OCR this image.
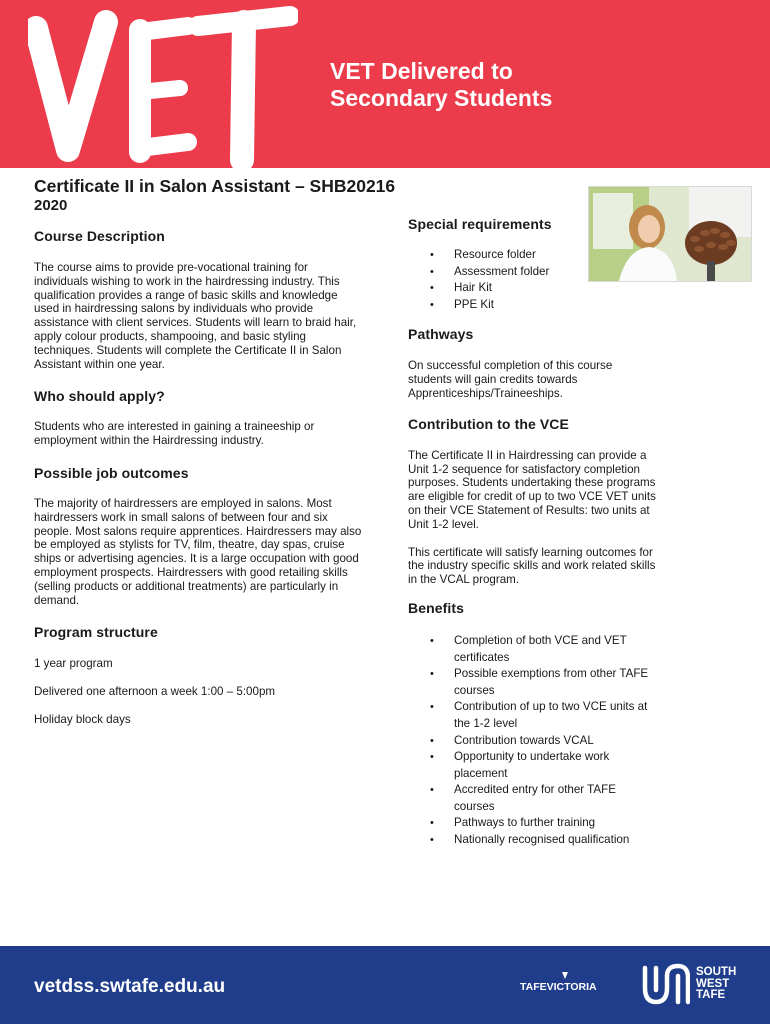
VET Delivered to
Secondary Students
Certificate II in Salon Assistant – SHB20216
2020
Course Description

The course aims to provide pre-vocational training for individuals wishing to work in the hairdressing industry. This qualification provides a range of basic skills and knowledge used in hairdressing salons by individuals who provide assistance with client services. Students will learn to braid hair, apply colour products, shampooing, and basic styling techniques. Students will complete the Certificate II in Salon Assistant within one year.

Who should apply?

Students who are interested in gaining a traineeship or employment within the Hairdressing industry.

Possible job outcomes

The majority of hairdressers are employed in salons. Most hairdressers work in small salons of between four and six people. Most salons require apprentices. Hairdressers may also be employed as stylists for TV, film, theatre, day spas, cruise ships or advertising agencies. It is a large occupation with good employment prospects. Hairdressers with good retailing skills (selling products or additional treatments) are particularly in demand.

Program structure

1 year program

Delivered one afternoon a week 1:00 – 5:00pm

Holiday block days

Special requirements
• Resource folder
• Assessment folder
• Hair Kit
• PPE Kit
Pathways

On successful completion of this course students will gain credits towards Apprenticeships/Traineeships.

Contribution to the VCE

The Certificate II in Hairdressing can provide a Unit 1-2 sequence for satisfactory completion purposes. Students undertaking these programs are eligible for credit of up to two VCE VET units on their VCE Statement of Results: two units at Unit 1-2 level.

This certificate will satisfy learning outcomes for the industry specific skills and work related skills in the VCAL program.

Benefits
• Completion of both VCE and VET certificates
• Possible exemptions from other TAFE courses
• Contribution of up to two VCE units at the 1-2 level
• Contribution towards VCAL
• Opportunity to undertake work placement
• Accredited entry for other TAFE courses
• Pathways to further training
• Nationally recognised qualification
vetdss.swtafe.edu.au	TAFEVICTORIA
SOUTH
WEST
TAFE
